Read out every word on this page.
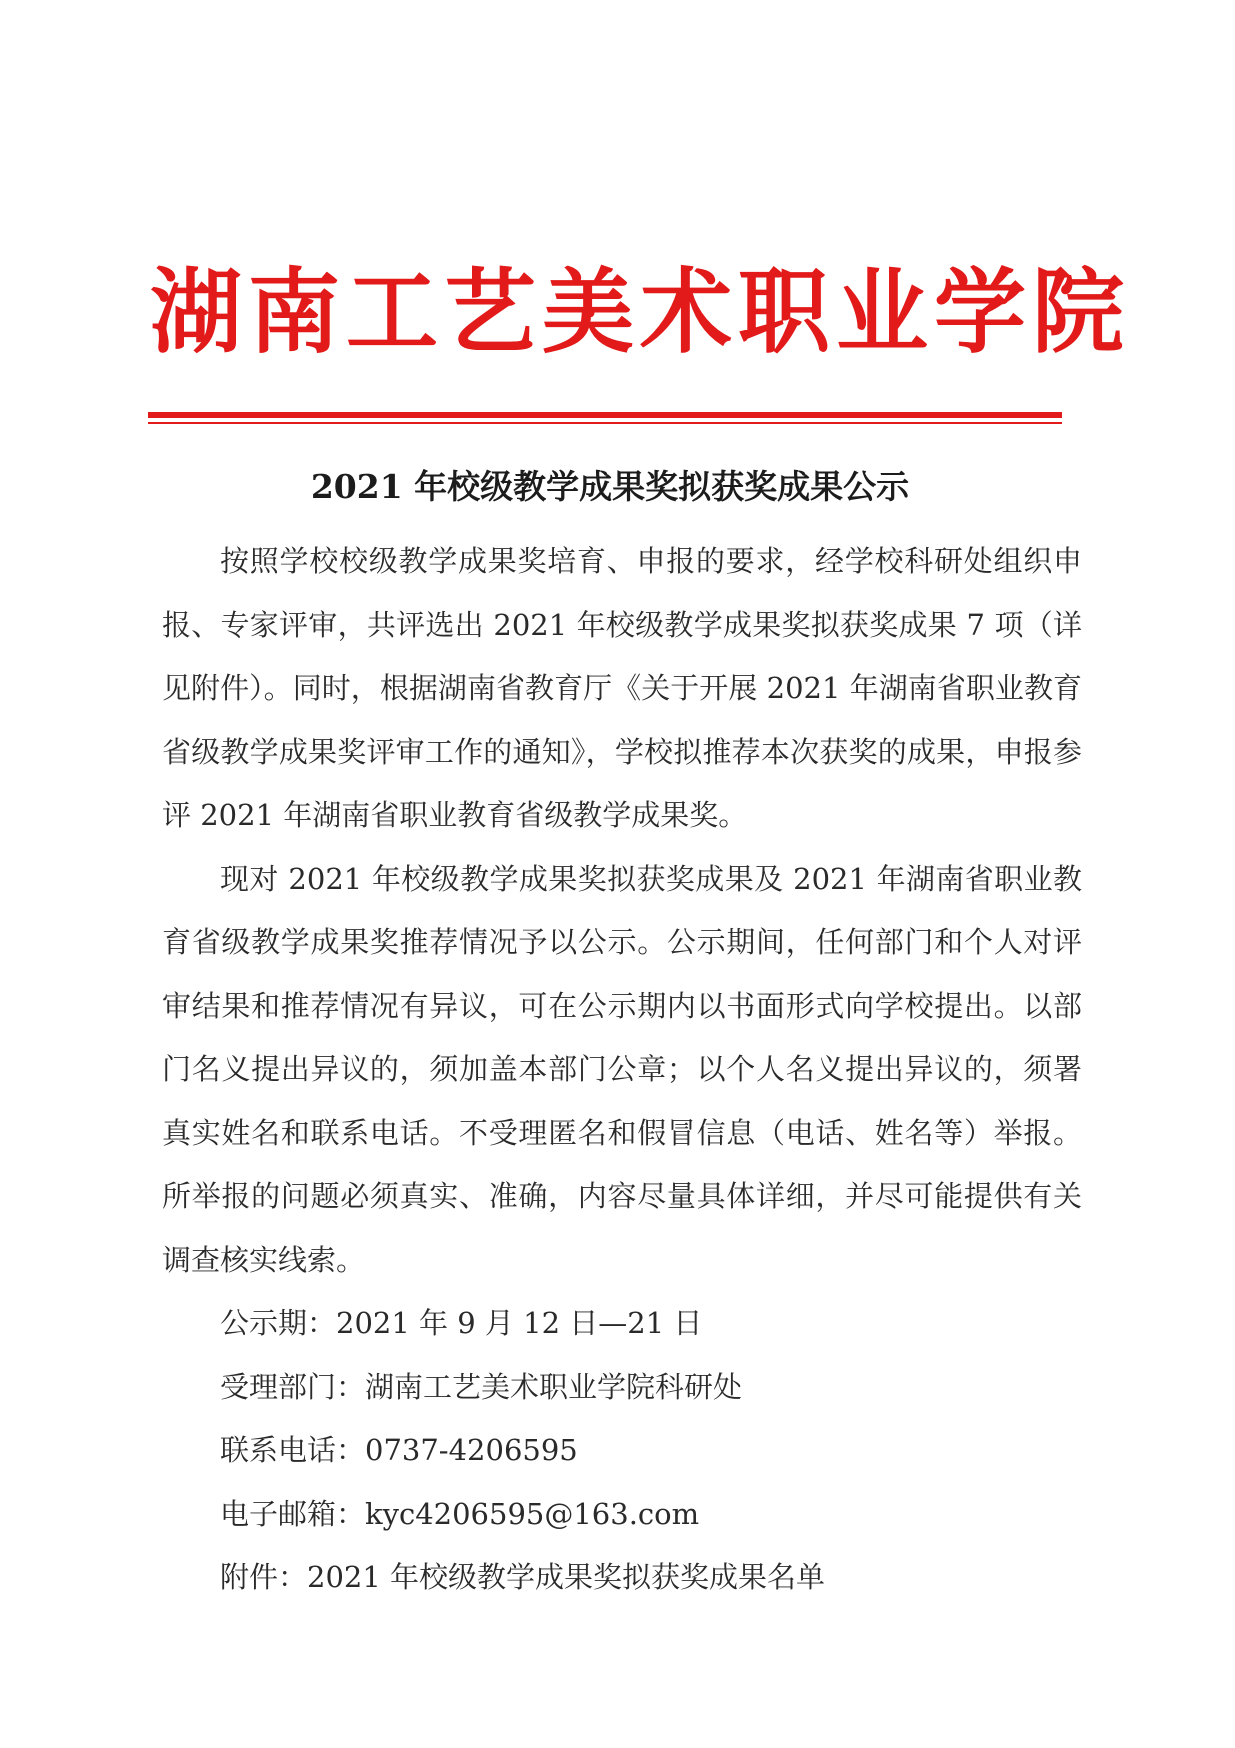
湖南工艺美术职业学院
2021 年校级教学成果奖拟获奖成果公示

按照学校校级教学成果奖培育、申报的要求，经学校科研处组织申报、专家评审，共评选出 2021 年校级教学成果奖拟获奖成果 7 项（详见附件）。同时，根据湖南省教育厅《关于开展 2021 年湖南省职业教育省级教学成果奖评审工作的通知》，学校拟推荐本次获奖的成果，申报参评 2021 年湖南省职业教育省级教学成果奖。

现对 2021 年校级教学成果奖拟获奖成果及 2021 年湖南省职业教育省级教学成果奖推荐情况予以公示。公示期间，任何部门和个人对评审结果和推荐情况有异议，可在公示期内以书面形式向学校提出。以部门名义提出异议的，须加盖本部门公章；以个人名义提出异议的，须署真实姓名和联系电话。不受理匿名和假冒信息（电话、姓名等）举报。所举报的问题必须真实、准确，内容尽量具体详细，并尽可能提供有关调查核实线索。

公示期：2021 年 9 月 12 日—21 日

受理部门：湖南工艺美术职业学院科研处

联系电话：0737-4206595

电子邮箱：kyc4206595@163.com

附件：2021 年校级教学成果奖拟获奖成果名单
